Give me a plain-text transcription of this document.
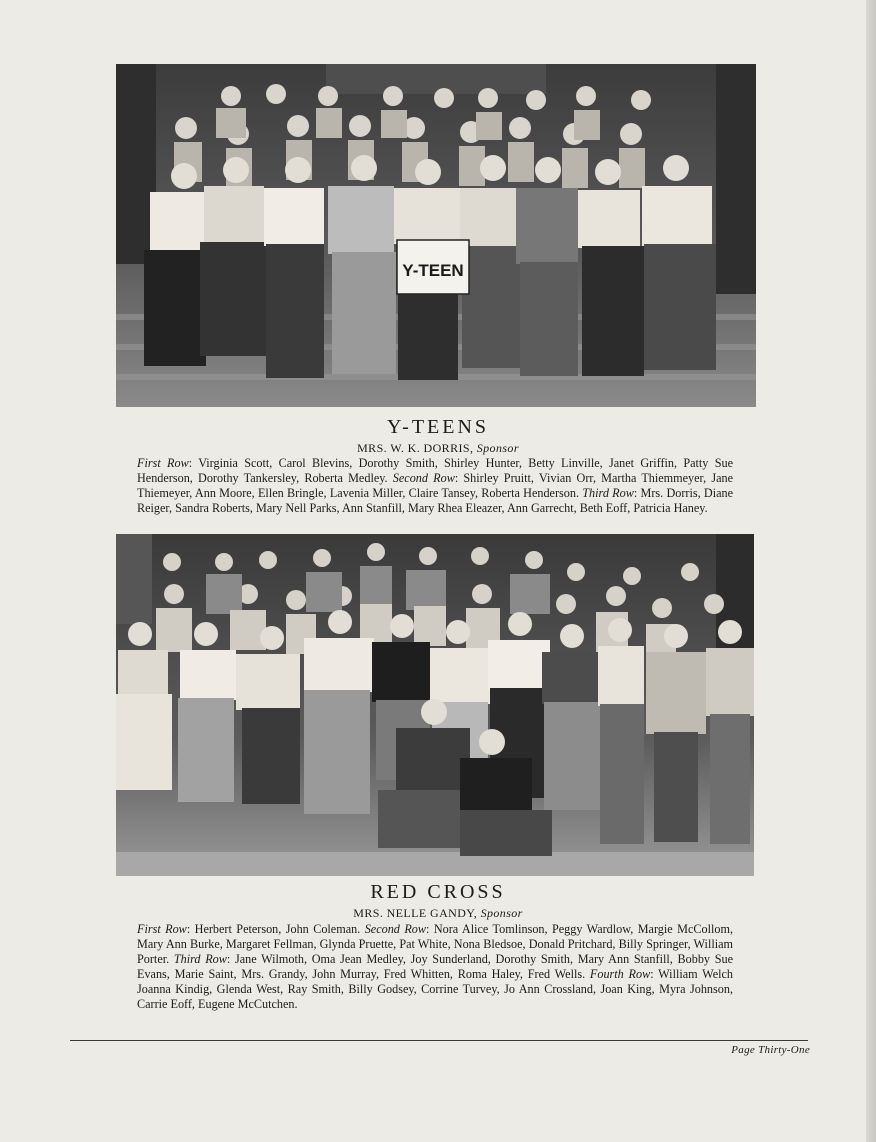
Y-TEEN
Y-TEENS
MRS. W. K. DORRIS, Sponsor
First Row: Virginia Scott, Carol Blevins, Dorothy Smith, Shirley Hunter, Betty Linville, Janet Griffin, Patty Sue Henderson, Dorothy Tankersley, Roberta Medley. Second Row: Shirley Pruitt, Vivian Orr, Martha Thiemmeyer, Jane Thiemeyer, Ann Moore, Ellen Bringle, Lavenia Miller, Claire Tansey, Roberta Henderson. Third Row: Mrs. Dorris, Diane Reiger, Sandra Roberts, Mary Nell Parks, Ann Stanfill, Mary Rhea Eleazer, Ann Garrecht, Beth Eoff, Patricia Haney.
RED CROSS
MRS. NELLE GANDY, Sponsor
First Row: Herbert Peterson, John Coleman. Second Row: Nora Alice Tomlinson, Peggy Wardlow, Margie McCollom, Mary Ann Burke, Margaret Fellman, Glynda Pruette, Pat White, Nona Bledsoe, Donald Pritchard, Billy Springer, William Porter. Third Row: Jane Wilmoth, Oma Jean Medley, Joy Sunderland, Dorothy Smith, Mary Ann Stanfill, Bobby Sue Evans, Marie Saint, Mrs. Grandy, John Murray, Fred Whitten, Roma Haley, Fred Wells. Fourth Row: William Welch Joanna Kindig, Glenda West, Ray Smith, Billy Godsey, Corrine Turvey, Jo Ann Crossland, Joan King, Myra Johnson, Carrie Eoff, Eugene McCutchen.
Page Thirty-One
